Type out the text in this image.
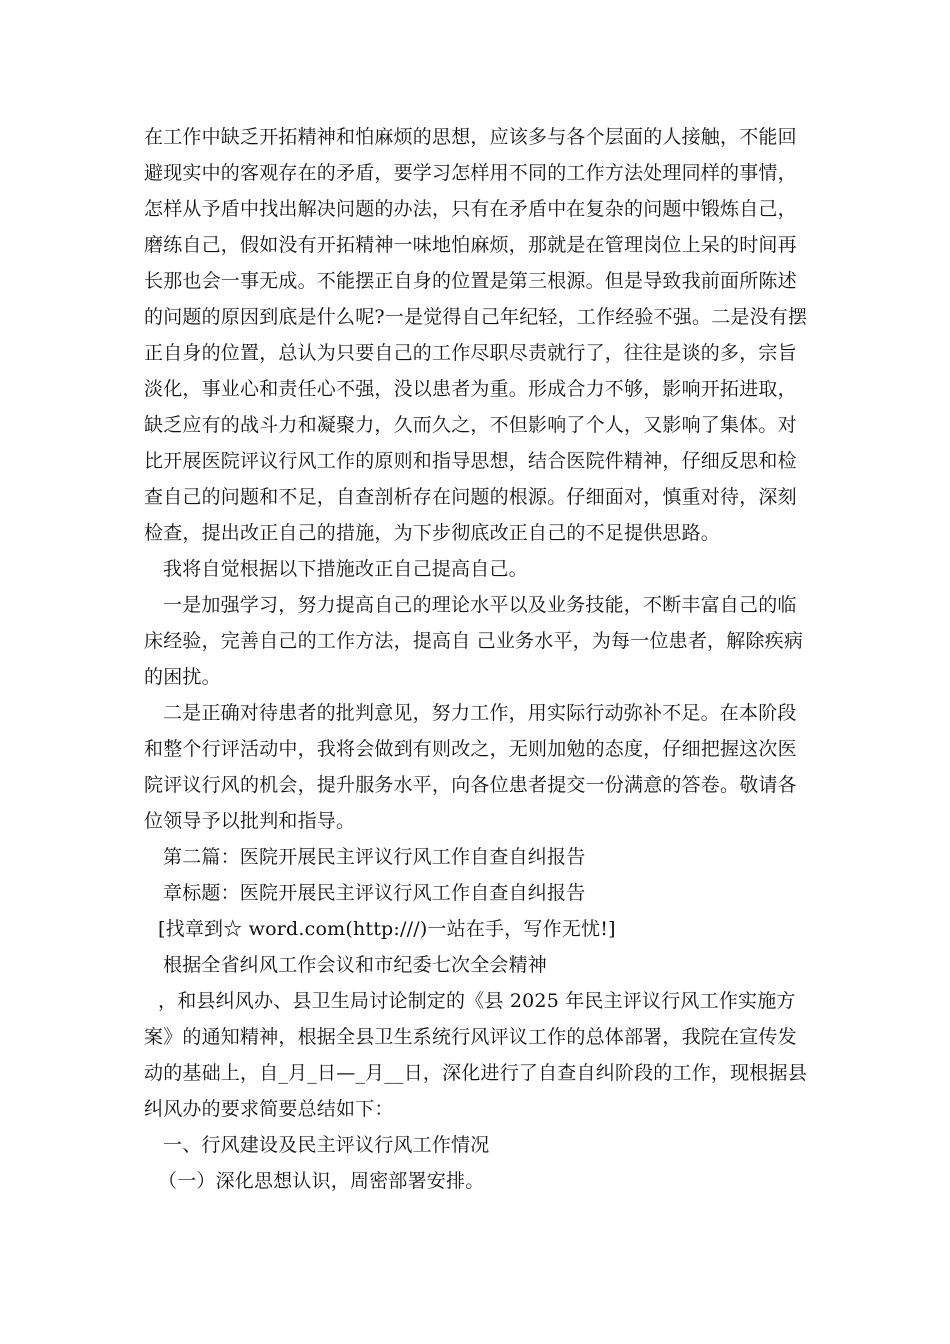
在工作中缺乏开拓精神和怕麻烦的思想，应该多与各个层面的人接触，不能回
避现实中的客观存在的矛盾，要学习怎样用不同的工作方法处理同样的事情，
怎样从予盾中找出解决问题的办法，只有在矛盾中在复杂的问题中锻炼自己，
磨练自己，假如没有开拓精神一味地怕麻烦，那就是在管理岗位上呆的时间再
长那也会一事无成。不能摆正自身的位置是第三根源。但是导致我前面所陈述
的问题的原因到底是什么呢?一是觉得自己年纪轻，工作经验不强。二是没有摆
正自身的位置，总认为只要自己的工作尽职尽责就行了，往往是谈的多，宗旨
淡化，事业心和责任心不强，没以患者为重。形成合力不够，影响开拓进取，
缺乏应有的战斗力和凝聚力，久而久之，不但影响了个人，又影响了集体。对
比开展医院评议行风工作的原则和指导思想，结合医院件精神，仔细反思和检
查自己的问题和不足，自查剖析存在问题的根源。仔细面对，慎重对待，深刻
检查，提出改正自己的措施，为下步彻底改正自己的不足提供思路。
我将自觉根据以下措施改正自己提高自己。
一是加强学习，努力提高自己的理论水平以及业务技能，不断丰富自己的临
床经验，完善自己的工作方法，提高自 己业务水平，为每一位患者，解除疾病
的困扰。
二是正确对待患者的批判意见，努力工作，用实际行动弥补不足。在本阶段
和整个行评活动中，我将会做到有则改之，无则加勉的态度，仔细把握这次医
院评议行风的机会，提升服务水平，向各位患者提交一份满意的答卷。敬请各
位领导予以批判和指导。
第二篇：医院开展民主评议行风工作自查自纠报告
章标题：医院开展民主评议行风工作自查自纠报告
[找章到☆ word.com(http:///)一站在手，写作无忧!]
根据全省纠风工作会议和市纪委七次全会精神
，和县纠风办、县卫生局讨论制定的《县 2025 年民主评议行风工作实施方
案》的通知精神，根据全县卫生系统行风评议工作的总体部署，我院在宣传发
动的基础上，自_月_日—_月__日，深化进行了自查自纠阶段的工作，现根据县
纠风办的要求简要总结如下：
一、行风建设及民主评议行风工作情况
（一）深化思想认识，周密部署安排。
